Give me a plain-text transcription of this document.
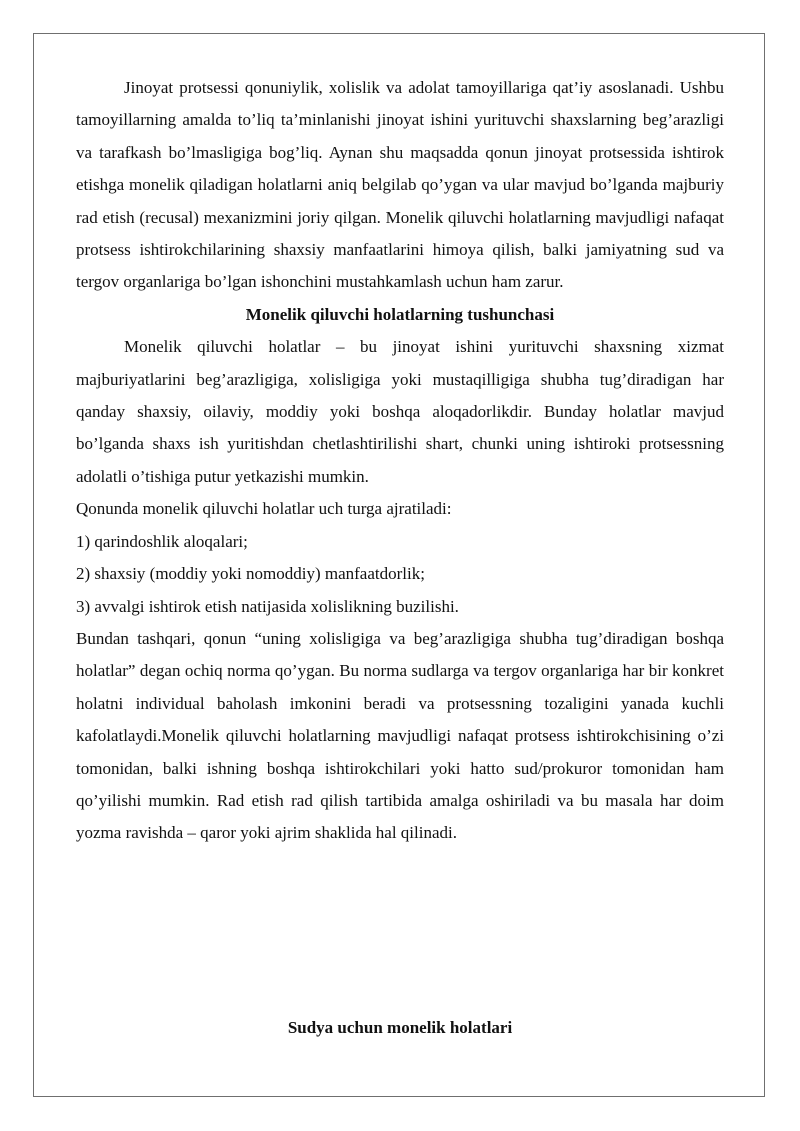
Jinoyat protsessi qonuniylik, xolislik va adolat tamoyillariga qat’iy asoslanadi. Ushbu tamoyillarning amalda to’liq ta’minlanishi jinoyat ishini yurituvchi shaxslarning beg’arazligi va tarafkash bo’lmasligiga bog’liq. Aynan shu maqsadda qonun jinoyat protsessida ishtirok etishga monelik qiladigan holatlarni aniq belgilab qo’ygan va ular mavjud bo’lganda majburiy rad etish (recusal) mexanizmini joriy qilgan. Monelik qiluvchi holatlarning mavjudligi nafaqat protsess ishtirokchilarining shaxsiy manfaatlarini himoya qilish, balki jamiyatning sud va tergov organlariga bo’lgan ishonchini mustahkamlash uchun ham zarur.

Monelik qiluvchi holatlarning tushunchasi

Monelik qiluvchi holatlar – bu jinoyat ishini yurituvchi shaxsning xizmat majburiyatlarini beg’arazligiga, xolisligiga yoki mustaqilligiga shubha tug’diradigan har qanday shaxsiy, oilaviy, moddiy yoki boshqa aloqadorlikdir. Bunday holatlar mavjud bo’lganda shaxs ish yuritishdan chetlashtirilishi shart, chunki uning ishtiroki protsessning adolatli o’tishiga putur yetkazishi mumkin.

Qonunda monelik qiluvchi holatlar uch turga ajratiladi:

1) qarindoshlik aloqalari;

2) shaxsiy (moddiy yoki nomoddiy) manfaatdorlik;

3) avvalgi ishtirok etish natijasida xolislikning buzilishi.

Bundan tashqari, qonun “uning xolisligiga va beg’arazligiga shubha tug’diradigan boshqa holatlar” degan ochiq norma qo’ygan. Bu norma sudlarga va tergov organlariga har bir konkret holatni individual baholash imkonini beradi va protsessning tozaligini yanada kuchli kafolatlaydi.Monelik qiluvchi holatlarning mavjudligi nafaqat protsess ishtirokchisining o’zi tomonidan, balki ishning boshqa ishtirokchilari yoki hatto sud/prokuror tomonidan ham qo’yilishi mumkin. Rad etish rad qilish tartibida amalga oshiriladi va bu masala har doim yozma ravishda – qaror yoki ajrim shaklida hal qilinadi.

Sudya uchun monelik holatlari
